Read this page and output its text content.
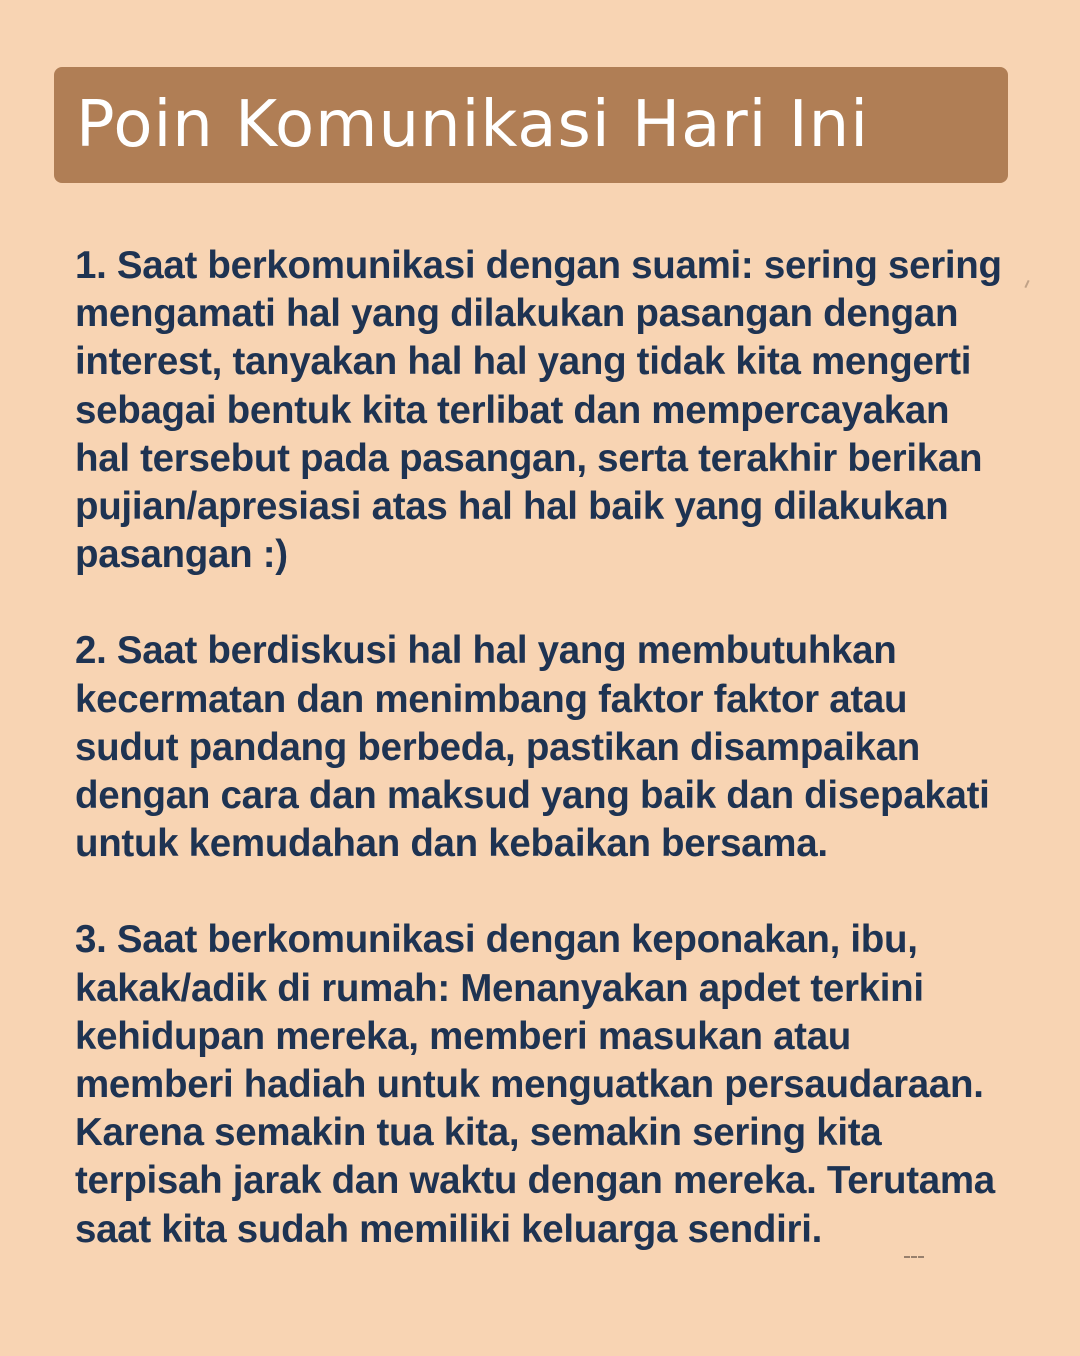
Poin Komunikasi Hari Ini
1. Saat berkomunikasi dengan suami: sering sering
mengamati hal yang dilakukan pasangan dengan
interest, tanyakan hal hal yang tidak kita mengerti
sebagai bentuk kita terlibat dan mempercayakan
hal tersebut pada pasangan, serta terakhir berikan
pujian/apresiasi atas hal hal baik yang dilakukan
pasangan :)
2. Saat berdiskusi hal hal yang membutuhkan
kecermatan dan menimbang faktor faktor atau
sudut pandang berbeda, pastikan disampaikan
dengan cara dan maksud yang baik dan disepakati
untuk kemudahan dan kebaikan bersama.
3. Saat berkomunikasi dengan keponakan, ibu,
kakak/adik di rumah: Menanyakan apdet terkini
kehidupan mereka, memberi masukan atau
memberi hadiah untuk menguatkan persaudaraan.
Karena semakin tua kita, semakin sering kita
terpisah jarak dan waktu dengan mereka. Terutama
saat kita sudah memiliki keluarga sendiri.
